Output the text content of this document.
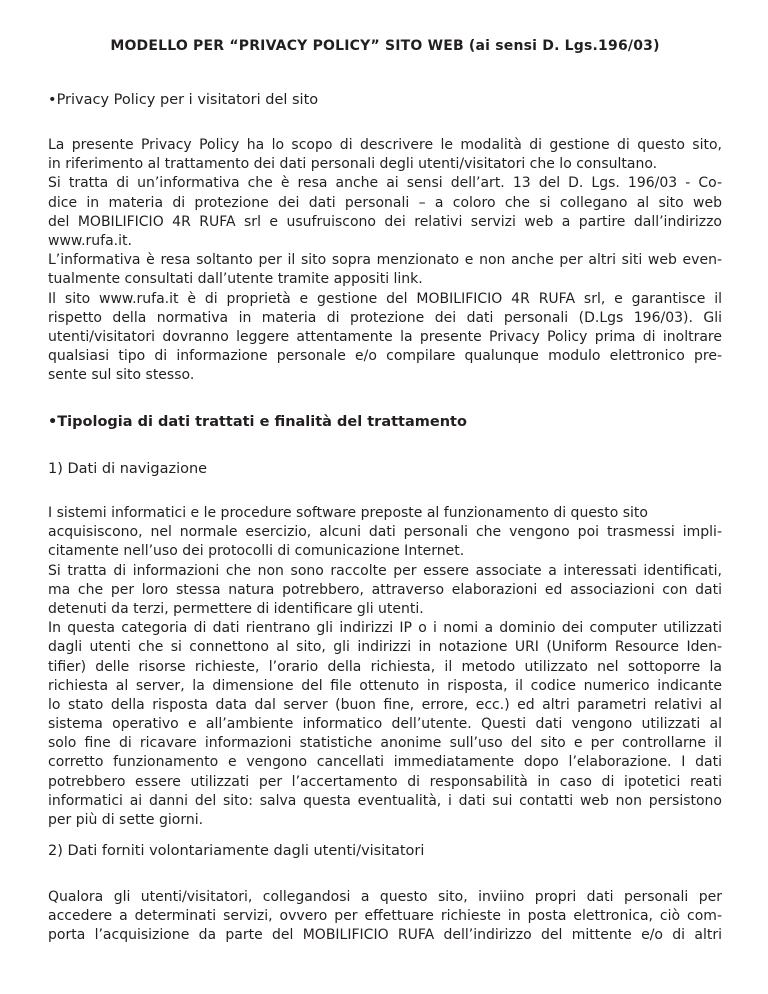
MODELLO PER “PRIVACY POLICY” SITO WEB (ai sensi D. Lgs.196/03)
• Privacy Policy per i visitatori del sito
La presente Privacy Policy ha lo scopo di descrivere le modalità di gestione di questo sito,
in riferimento al trattamento dei dati personali degli utenti/visitatori che lo consultano.
Si tratta di un’informativa che è resa anche ai sensi dell’art. 13 del D. Lgs. 196/03 - Co-
dice in materia di protezione dei dati personali – a coloro che si collegano al sito web
del MOBILIFICIO 4R RUFA srl e usufruiscono dei relativi servizi web a partire dall’indirizzo
www.rufa.it.
L’informativa è resa soltanto per il sito sopra menzionato e non anche per altri siti web even-
tualmente consultati dall’utente tramite appositi link.
Il sito www.rufa.it è di proprietà e gestione del MOBILIFICIO 4R RUFA srl, e garantisce il
rispetto della normativa in materia di protezione dei dati personali (D.Lgs 196/03). Gli
utenti/visitatori dovranno leggere attentamente la presente Privacy Policy prima di inoltrare
qualsiasi tipo di informazione personale e/o compilare qualunque modulo elettronico pre-
sente sul sito stesso.
• Tipologia di dati trattati e finalità del trattamento
1) Dati di navigazione
I sistemi informatici e le procedure software preposte al funzionamento di questo sito
acquisiscono, nel normale esercizio, alcuni dati personali che vengono poi trasmessi impli-
citamente nell’uso dei protocolli di comunicazione Internet.
Si tratta di informazioni che non sono raccolte per essere associate a interessati identificati,
ma che per loro stessa natura potrebbero, attraverso elaborazioni ed associazioni con dati
detenuti da terzi, permettere di identificare gli utenti.
In questa categoria di dati rientrano gli indirizzi IP o i nomi a dominio dei computer utilizzati
dagli utenti che si connettono al sito, gli indirizzi in notazione URI (Uniform Resource Iden-
tifier) delle risorse richieste, l’orario della richiesta, il metodo utilizzato nel sottoporre la
richiesta al server, la dimensione del file ottenuto in risposta, il codice numerico indicante
lo stato della risposta data dal server (buon fine, errore, ecc.) ed altri parametri relativi al
sistema operativo e all’ambiente informatico dell’utente. Questi dati vengono utilizzati al
solo fine di ricavare informazioni statistiche anonime sull’uso del sito e per controllarne il
corretto funzionamento e vengono cancellati immediatamente dopo l’elaborazione. I dati
potrebbero essere utilizzati per l’accertamento di responsabilità in caso di ipotetici reati
informatici ai danni del sito: salva questa eventualità, i dati sui contatti web non persistono
per più di sette giorni.
2) Dati forniti volontariamente dagli utenti/visitatori
Qualora gli utenti/visitatori, collegandosi a questo sito, inviino propri dati personali per
accedere a determinati servizi, ovvero per effettuare richieste in posta elettronica, ciò com-
porta l’acquisizione da parte del MOBILIFICIO RUFA dell’indirizzo del mittente e/o di altri
